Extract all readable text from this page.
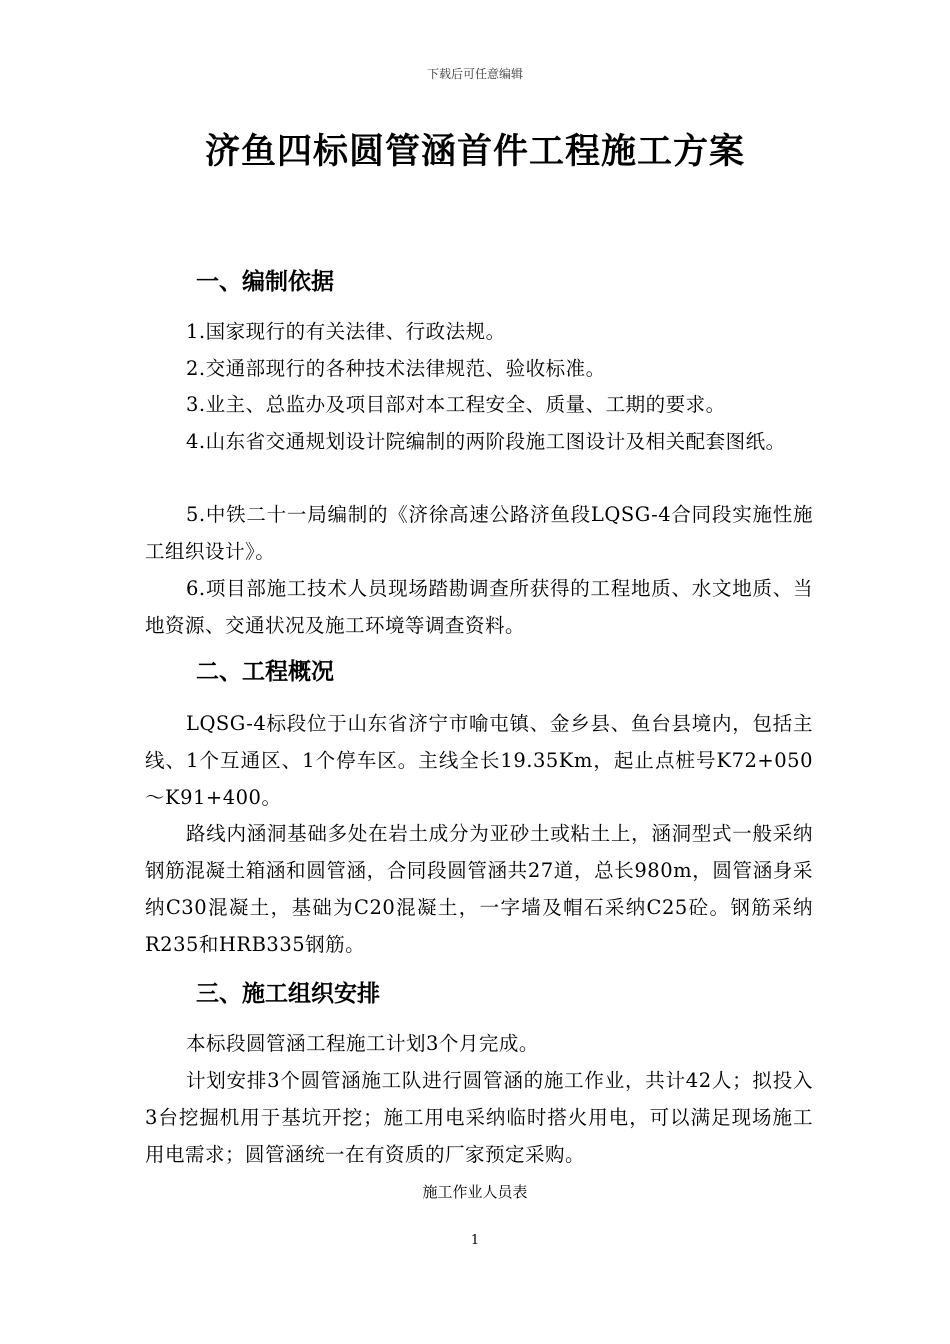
下载后可任意编辑
济鱼四标圆管涵首件工程施工方案
一、编制依据
1.国家现行的有关法律、行政法规。
2.交通部现行的各种技术法律规范、验收标准。
3.业主、总监办及项目部对本工程安全、质量、工期的要求。
4.山东省交通规划设计院编制的两阶段施工图设计及相关配套图纸。
5.中铁二十一局编制的《济徐高速公路济鱼段LQSG-4合同段实施性施工组织设计》。
6.项目部施工技术人员现场踏勘调查所获得的工程地质、水文地质、当地资源、交通状况及施工环境等调查资料。
二、工程概况
LQSG-4标段位于山东省济宁市喻屯镇、金乡县、鱼台县境内，包括主线、1个互通区、1个停车区。主线全长19.35Km，起止点桩号K72+050～K91+400。
路线内涵洞基础多处在岩土成分为亚砂土或粘土上，涵洞型式一般采纳钢筋混凝土箱涵和圆管涵，合同段圆管涵共27道，总长980m，圆管涵身采纳C30混凝土，基础为C20混凝土，一字墙及帽石采纳C25砼。钢筋采纳R235和HRB335钢筋。
三、施工组织安排
本标段圆管涵工程施工计划3个月完成。
计划安排3个圆管涵施工队进行圆管涵的施工作业，共计42人；拟投入3台挖掘机用于基坑开挖；施工用电采纳临时搭火用电，可以满足现场施工用电需求；圆管涵统一在有资质的厂家预定采购。
施工作业人员表
1
